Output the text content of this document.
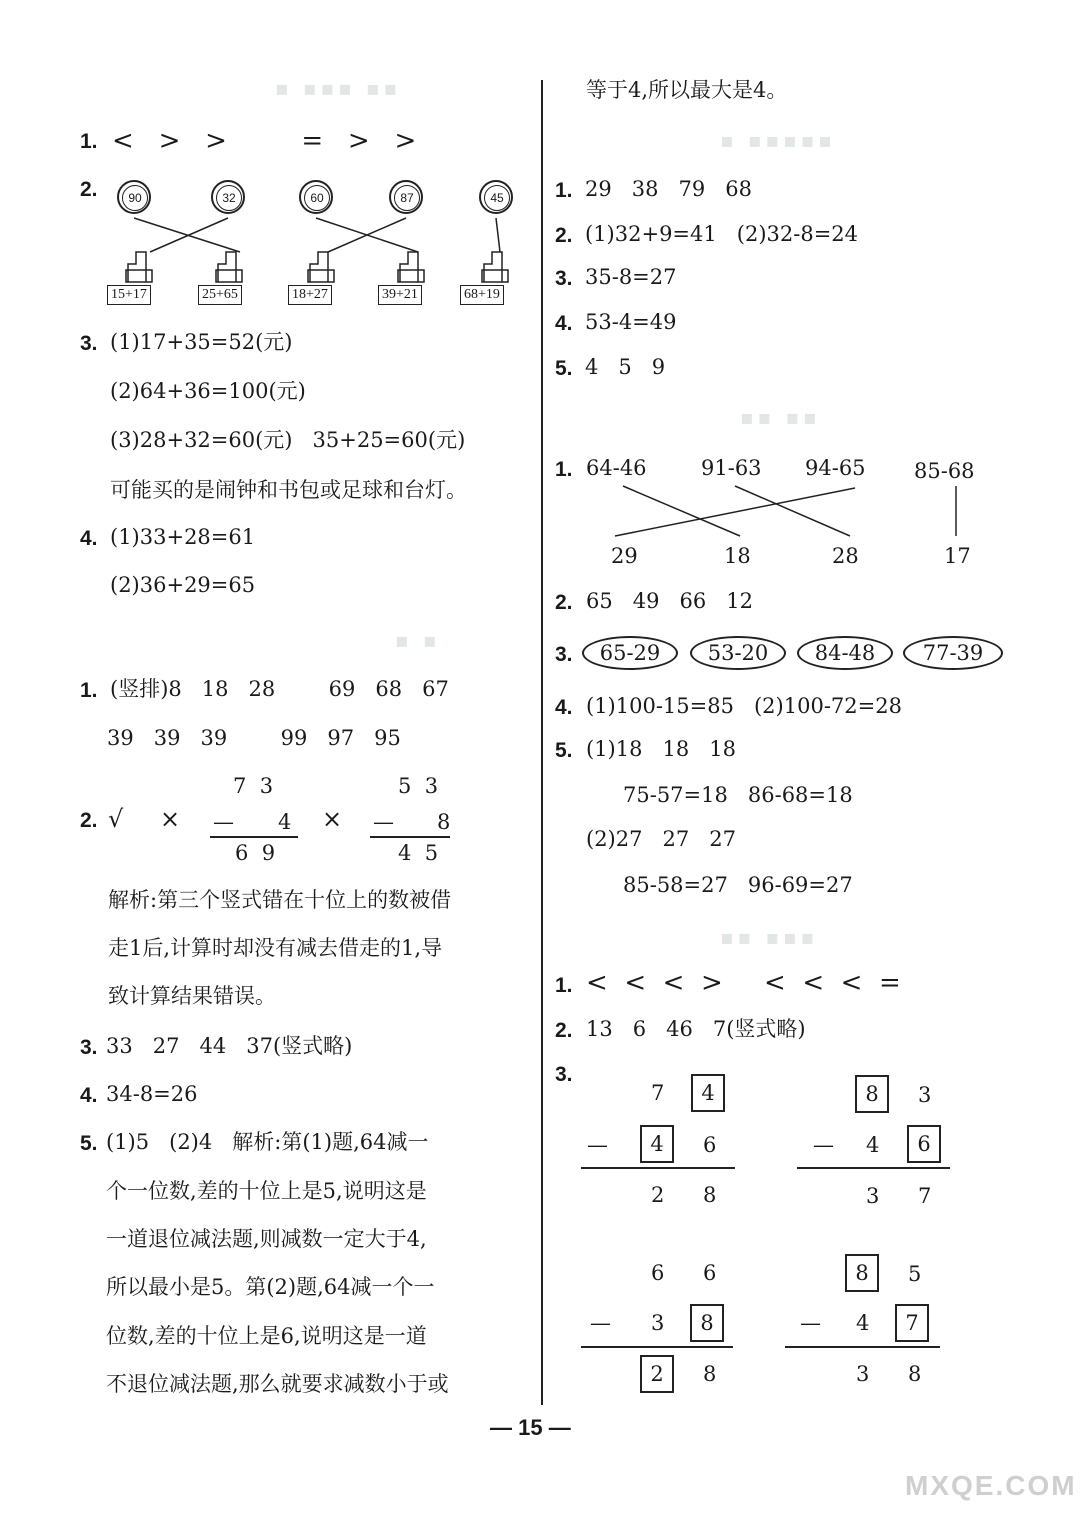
▪ ▪▪▪ ▪▪
▪ ▪▪▪▪▪
▪▪ ▪▪
▪ ▪
▪▪ ▪▪▪
1. <   >   >         =   >   >
2.	90	32	60	87	45
15+17	25+65	18+27	39+21	68+19
3. (1)17+35=52(元)
(2)64+36=100(元)
(3)28+32=60(元)   35+25=60(元)
可能买的是闹钟和书包或足球和台灯。
4. (1)33+28=61
(2)36+29=65
1. (竖排)8   18   28        69   68   67
39   39   39        99   97   95
2. √ ×
7  3
— 4
6  9
×
5  3
— 8
4  5
解析:第三个竖式错在十位上的数被借
走1后,计算时却没有减去借走的1,导
致计算结果错误。
3. 33   27   44   37(竖式略)
4. 34-8=26
5. (1)5   (2)4   解析:第(1)题,64减一
个一位数,差的十位上是5,说明这是
一道退位减法题,则减数一定大于4,
所以最小是5。第(2)题,64减一个一
位数,差的十位上是6,说明这是一道
不退位减法题,那么就要求减数小于或
等于4,所以最大是4。
1. 29   38   79   68
2. (1)32+9=41   (2)32-8=24
3. 35-8=27
4. 53-4=49
5. 4   5   9
1. 64-46	91-63 94-65 85-68
29	18	28	17
2. 65   49   66   12
3.	65-29	53-20	84-48	77-39
4. (1)100-15=85   (2)100-72=28
5. (1)18   18   18
75-57=18   86-68=18
(2)27   27   27
85-58=27   96-69=27
1. <  <  <  >     <  <  <  =
2. 13   6   46   7(竖式略)
3.
7	4
—	4	6
2 8
8	3
— 4	6
3 7
6 6
— 3	8
2	8
8	5
— 4	7
3 8
— 15 —
MXQE.COM
